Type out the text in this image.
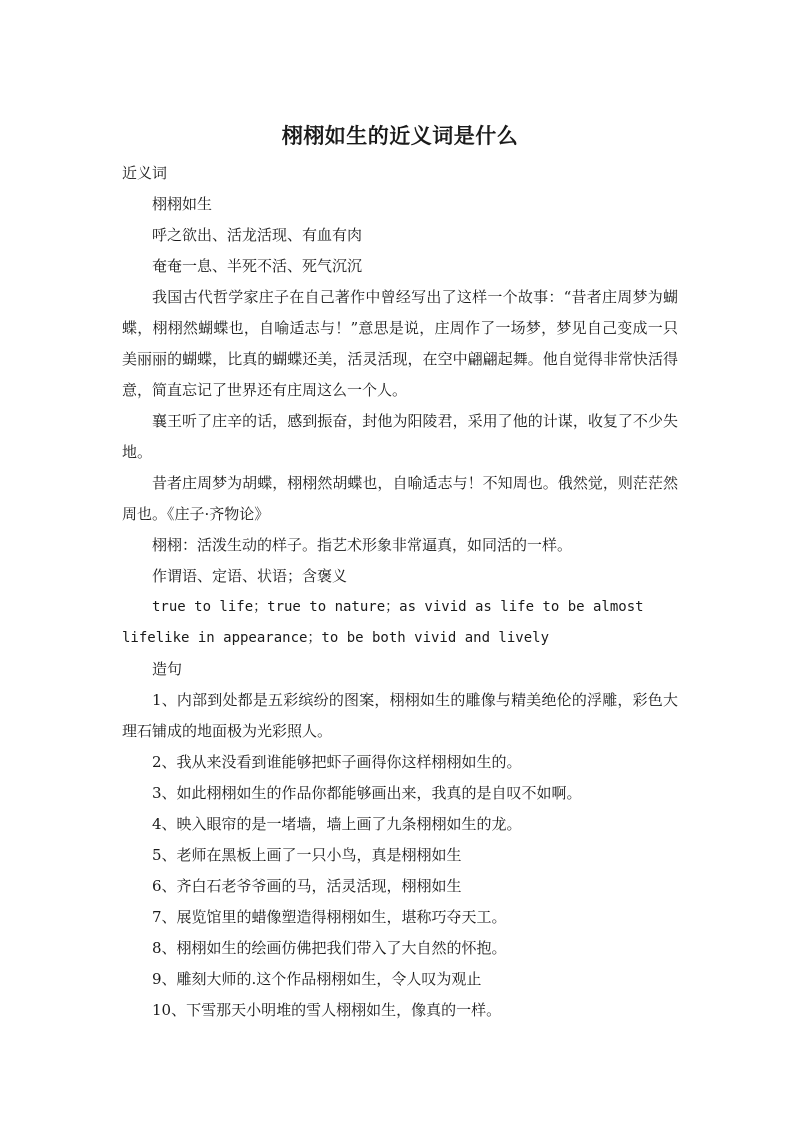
栩栩如生的近义词是什么

近义词

栩栩如生

呼之欲出、活龙活现、有血有肉

奄奄一息、半死不活、死气沉沉

我国古代哲学家庄子在自己著作中曾经写出了这样一个故事：“昔者庄周梦为蝴蝶，栩栩然蝴蝶也，自喻适志与！”意思是说，庄周作了一场梦，梦见自己变成一只美丽丽的蝴蝶，比真的蝴蝶还美，活灵活现，在空中翩翩起舞。他自觉得非常快活得意，简直忘记了世界还有庄周这么一个人。

襄王听了庄辛的话，感到振奋，封他为阳陵君，采用了他的计谋，收复了不少失地。

昔者庄周梦为胡蝶，栩栩然胡蝶也，自喻适志与！不知周也。俄然觉，则茫茫然周也。《庄子·齐物论》

栩栩：活泼生动的样子。指艺术形象非常逼真，如同活的一样。

作谓语、定语、状语；含褒义

true to life；true to nature；as vivid as life to be almost

lifelike in appearance；to be both vivid and lively

造句

1、内部到处都是五彩缤纷的图案，栩栩如生的雕像与精美绝伦的浮雕，彩色大理石铺成的地面极为光彩照人。

2、我从来没看到谁能够把虾子画得你这样栩栩如生的。

3、如此栩栩如生的作品你都能够画出来，我真的是自叹不如啊。

4、映入眼帘的是一堵墙，墙上画了九条栩栩如生的龙。

5、老师在黑板上画了一只小鸟，真是栩栩如生

6、齐白石老爷爷画的马，活灵活现，栩栩如生

7、展览馆里的蜡像塑造得栩栩如生，堪称巧夺天工。

8、栩栩如生的绘画仿佛把我们带入了大自然的怀抱。

9、雕刻大师的.这个作品栩栩如生，令人叹为观止

10、下雪那天小明堆的雪人栩栩如生，像真的一样。
